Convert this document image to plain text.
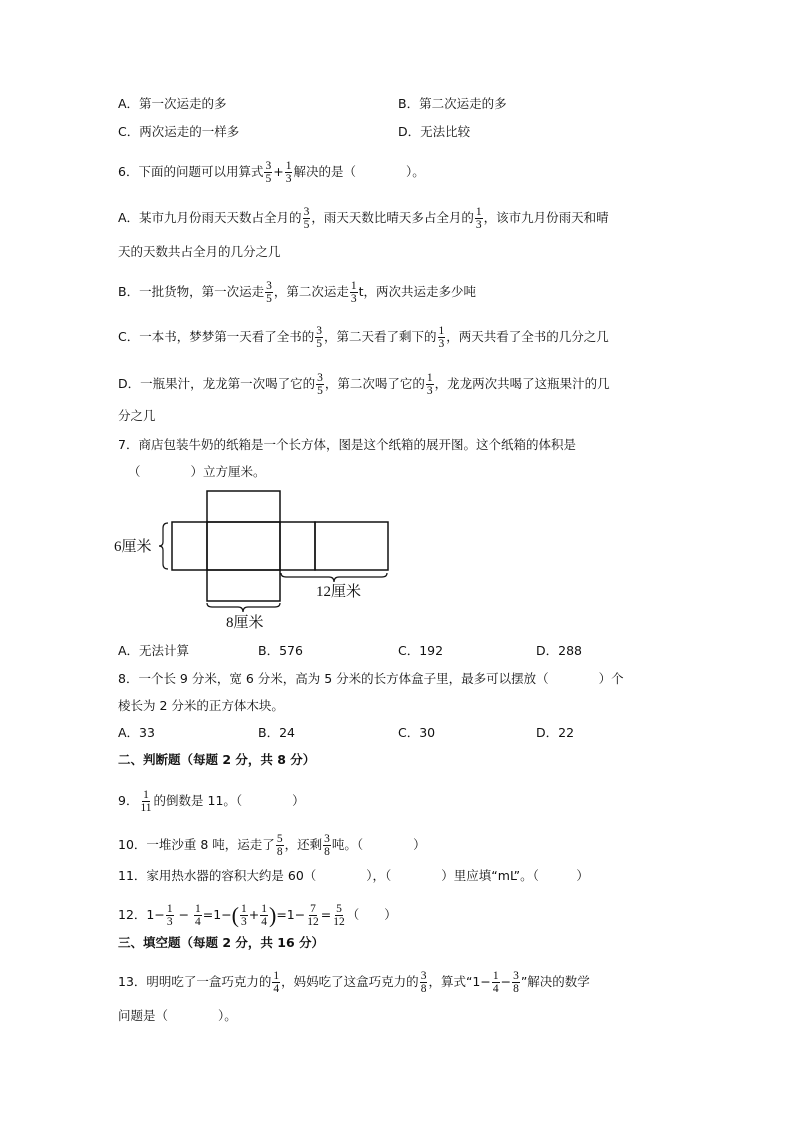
A．第一次运走的多	B．第二次运走的多
C．两次运走的一样多	D．无法比较
6．下面的问题可以用算式 $\frac{3}{5} + \frac{1}{3}$ 解决的是（　　　　）。
A．某市九月份雨天天数占全月的 $\frac{3}{5}$ ，雨天天数比晴天多占全月的 $\frac{1}{3}$ ，该市九月份雨天和晴
天的天数共占全月的几分之几
B．一批货物，第一次运走 $\frac{3}{5}$ ，第二次运走 $\frac{1}{3}$ t，两次共运走多少吨
C．一本书，梦梦第一天看了全书的 $\frac{3}{5}$ ，第二天看了剩下的 $\frac{1}{3}$ ，两天共看了全书的几分之几
D．一瓶果汁，龙龙第一次喝了它的 $\frac{3}{5}$ ，第二次喝了它的 $\frac{1}{3}$ ，龙龙两次共喝了这瓶果汁的几
分之几
7．商店包装牛奶的纸箱是一个长方体，图是这个纸箱的展开图。这个纸箱的体积是
（　　　　）立方厘米。
6厘米
12厘米
8厘米
A．无法计算	B．576	C．192	D．288
8．一个长 9 分米，宽 6 分米，高为 5 分米的长方体盒子里，最多可以摆放（　　　　）个
棱长为 2 分米的正方体木块。
A．33	B．24	C．30	D．22
二、判断题（每题 2 分，共 8 分）
9． $\frac{1}{11}$ 的倒数是 11。（　　　　）
10．一堆沙重 8 吨，运走了 $\frac{5}{8}$ ，还剩 $\frac{3}{8}$ 吨。（　　　　）
11．家用热水器的容积大约是 60（　　　　），（　　　　）里应填“mL”。（　　　）
12．$1- \frac{1}{3} - \frac{1}{4} =1-( \frac{1}{3} + \frac{1}{4} )=1- \frac{7}{12} = \frac{5}{12}$ （　　）
三、填空题（每题 2 分，共 16 分）
13．明明吃了一盒巧克力的 $\frac{1}{4}$ ，妈妈吃了这盒巧克力的 $\frac{3}{8}$ ，算式“$1- \frac{1}{4} - \frac{3}{8}$ ”解决的数学
问题是（　　　　）。
